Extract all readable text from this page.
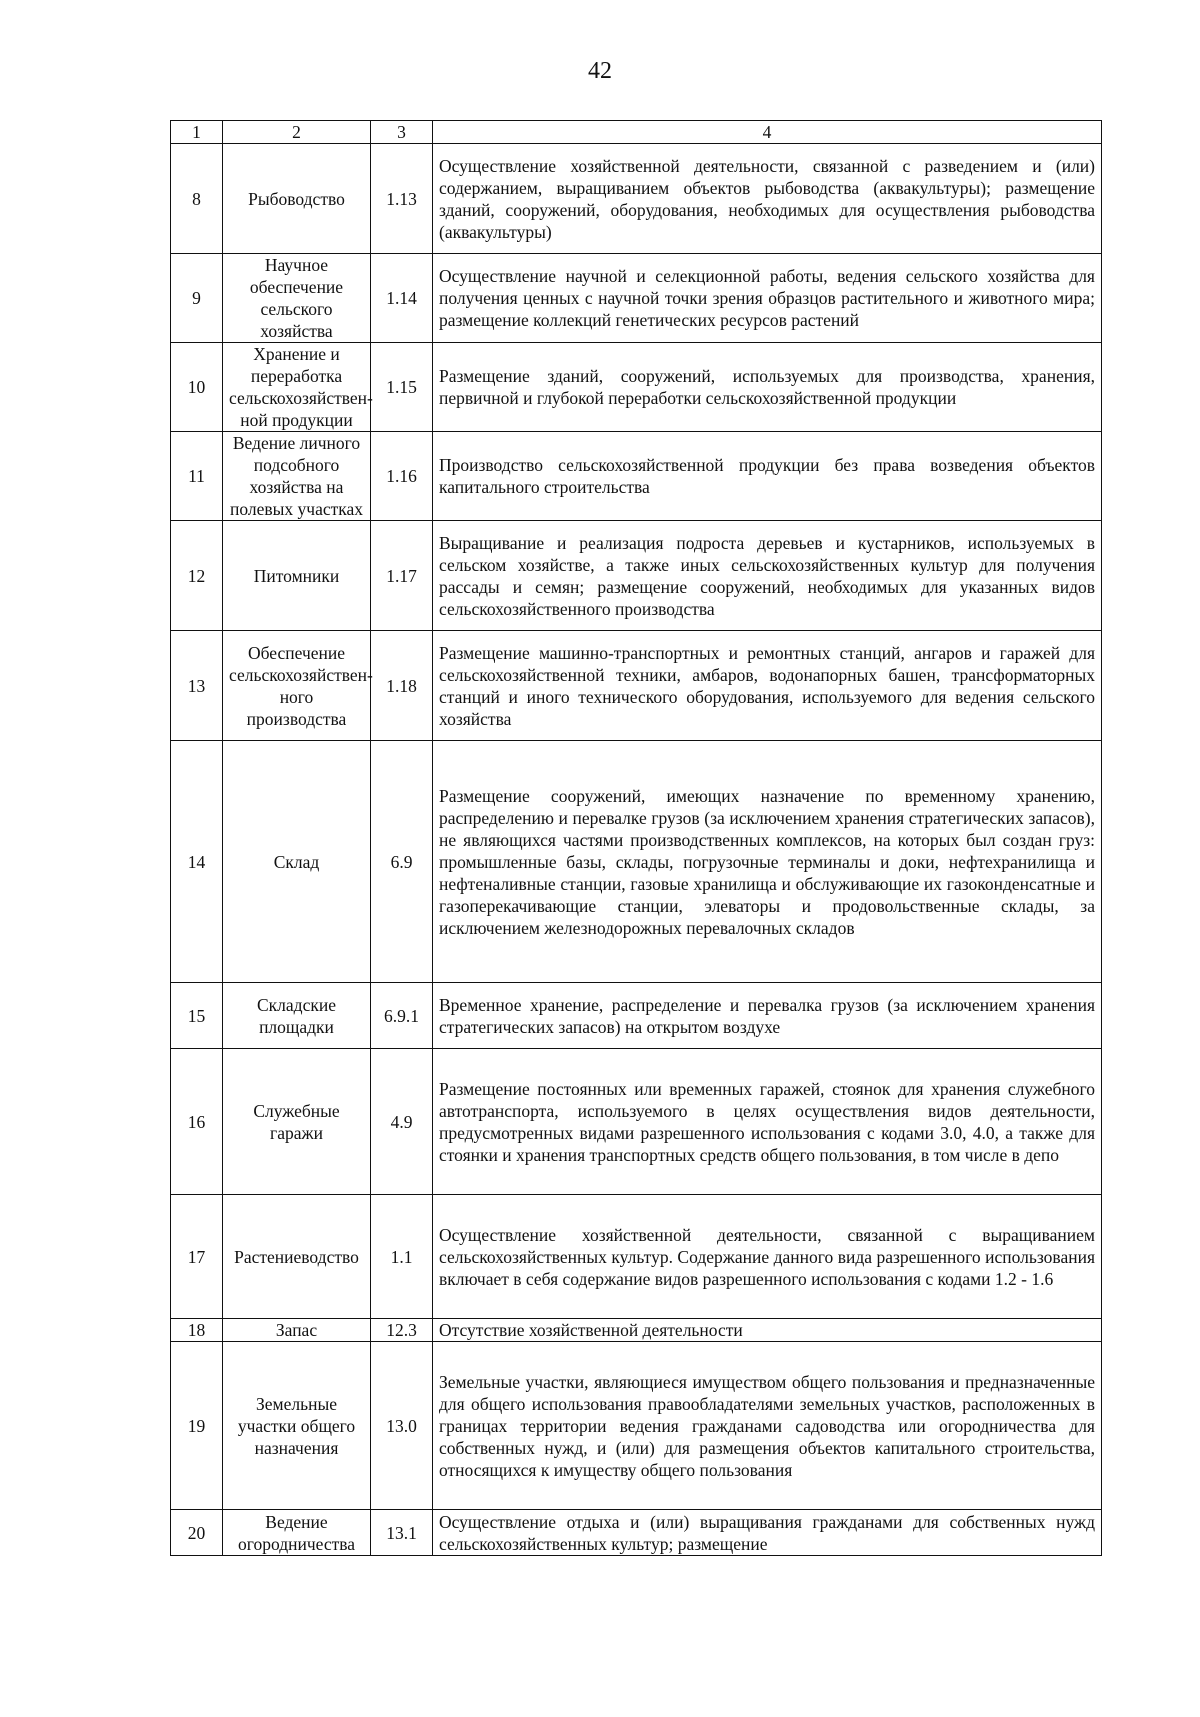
42
1	2	3	4
8	Рыбоводство	1.13	Осуществление хозяйственной деятельности, связанной с разведением и (или) содержанием, выращиванием объектов рыбоводства (аквакультуры); размещение зданий, сооружений, оборудования, необходимых для осуществления рыбоводства (аквакультуры)
9	Научное обеспечение сельского хозяйства	1.14	Осуществление научной и селекционной работы, ведения сельского хозяйства для получения ценных с научной точки зрения образцов растительного и животного мира; размещение коллекций генетических ресурсов растений
10	Хранение и переработка сельскохозяйствен-ной продукции	1.15	Размещение зданий, сооружений, используемых для производства, хранения, первичной и глубокой переработки сельскохозяйственной продукции
11	Ведение личного подсобного хозяйства на полевых участках	1.16	Производство сельскохозяйственной продукции без права возведения объектов капитального строительства
12	Питомники	1.17	Выращивание и реализация подроста деревьев и кустарников, используемых в сельском хозяйстве, а также иных сельскохозяйственных культур для получения рассады и семян; размещение сооружений, необходимых для указанных видов сельскохозяйственного производства
13	Обеспечение сельскохозяйствен-ного производства	1.18	Размещение машинно-транспортных и ремонтных станций, ангаров и гаражей для сельскохозяйственной техники, амбаров, водонапорных башен, трансформаторных станций и иного технического оборудования, используемого для ведения сельского хозяйства
14	Склад	6.9	Размещение сооружений, имеющих назначение по временному хранению, распределению и перевалке грузов (за исключением хранения стратегических запасов), не являющихся частями производственных комплексов, на которых был создан груз: промышленные базы, склады, погрузочные терминалы и доки, нефтехранилища и нефтеналивные станции, газовые хранилища и обслуживающие их газоконденсатные и газоперекачивающие станции, элеваторы и продовольственные склады, за исключением железнодорожных перевалочных складов
15	Складские площадки	6.9.1	Временное хранение, распределение и перевалка грузов (за исключением хранения стратегических запасов) на открытом воздухе
16	Служебные гаражи	4.9	Размещение постоянных или временных гаражей, стоянок для хранения служебного автотранспорта, используемого в целях осуществления видов деятельности, предусмотренных видами разрешенного использования с кодами 3.0, 4.0, а также для стоянки и хранения транспортных средств общего пользования, в том числе в депо
17	Растениеводство	1.1	Осуществление хозяйственной деятельности, связанной с выращиванием сельскохозяйственных культур. Содержание данного вида разрешенного использования включает в себя содержание видов разрешенного использования с кодами 1.2 - 1.6
18	Запас	12.3	Отсутствие хозяйственной деятельности
19	Земельные участки общего назначения	13.0	Земельные участки, являющиеся имуществом общего пользования и предназначенные для общего использования правообладателями земельных участков, расположенных в границах территории ведения гражданами садоводства или огородничества для собственных нужд, и (или) для размещения объектов капитального строительства, относящихся к имуществу общего пользования
20	Ведение огородничества	13.1	Осуществление отдыха и (или) выращивания гражданами для собственных нужд сельскохозяйственных культур; размещение
